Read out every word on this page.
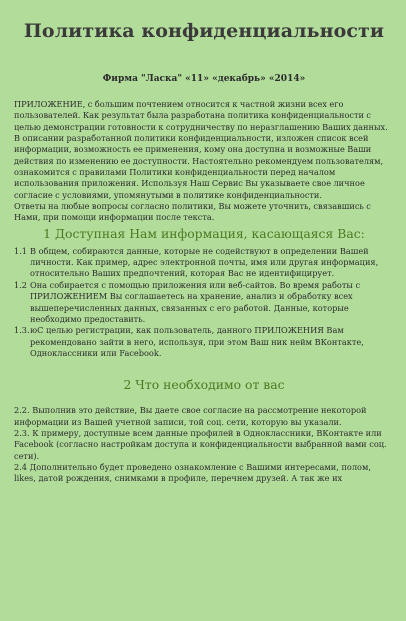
Политика конфиденциальности
Фирма "Ласка" «11» «декабрь» «2014»

ПРИЛОЖЕНИЕ, с большим почтением относится к частной жизни всех его пользователей. Как результат была разработана политика конфиденциальности с целью демонстрации готовности к сотрудничеству по неразглашению Ваших данных. В описании разработанной политики конфиденциальности, изложен список всей информации, возможность ее применения, кому она доступна и возможные Ваши действия по изменению ее доступности. Настоятельно рекомендуем пользователям, ознакомится с правилами Политики конфиденциальности перед началом использования приложения. Используя Наш Сервис Вы указываете свое личное согласие с условиями, упомянутыми в политике конфиденциальности.

Ответы на любые вопросы согласно политики, Вы можете уточнить, связавшись с Нами, при помощи информации после текста.

1 Доступная Нам информация, касающаяся Вас:
1.1 В общем, собираются данные, которые не содействуют в определении Вашей личности. Как пример, адрес электронной почты, имя или другая информация, относительно Ваших предпочтений, которая Вас не идентифицирует.
1.2 Она собирается с помощью приложения или веб-сайтов. Во время работы с ПРИЛОЖЕНИЕМ Вы соглашаетесь на хранение, анализ и обработку всех вышеперечисленных данных, связанных с его работой. Данные, которые необходимо предоставить.
1.3. юС целью регистрации, как пользователь, данного ПРИЛОЖЕНИЯ Вам рекомендовано зайти в него, используя, при этом Ваш ник нейм ВКонтакте, Одноклассники или Facebook.
2 Что необходимо от вас

2.2. Выполнив это действие, Вы даете свое согласие на рассмотрение некоторой информации из Вашей учетной записи, той соц. сети, которую вы указали.

2.3. К примеру, доступные всем данные профилей в Одноклассники, ВКонтакте или Facebook (согласно настройкам доступа и конфиденциальности выбранной вами соц. сети).

2.4 Дополнительно будет проведено ознакомление с Вашими интересами, полом, likes, датой рождения, снимками в профиле, перечнем друзей. А так же их
